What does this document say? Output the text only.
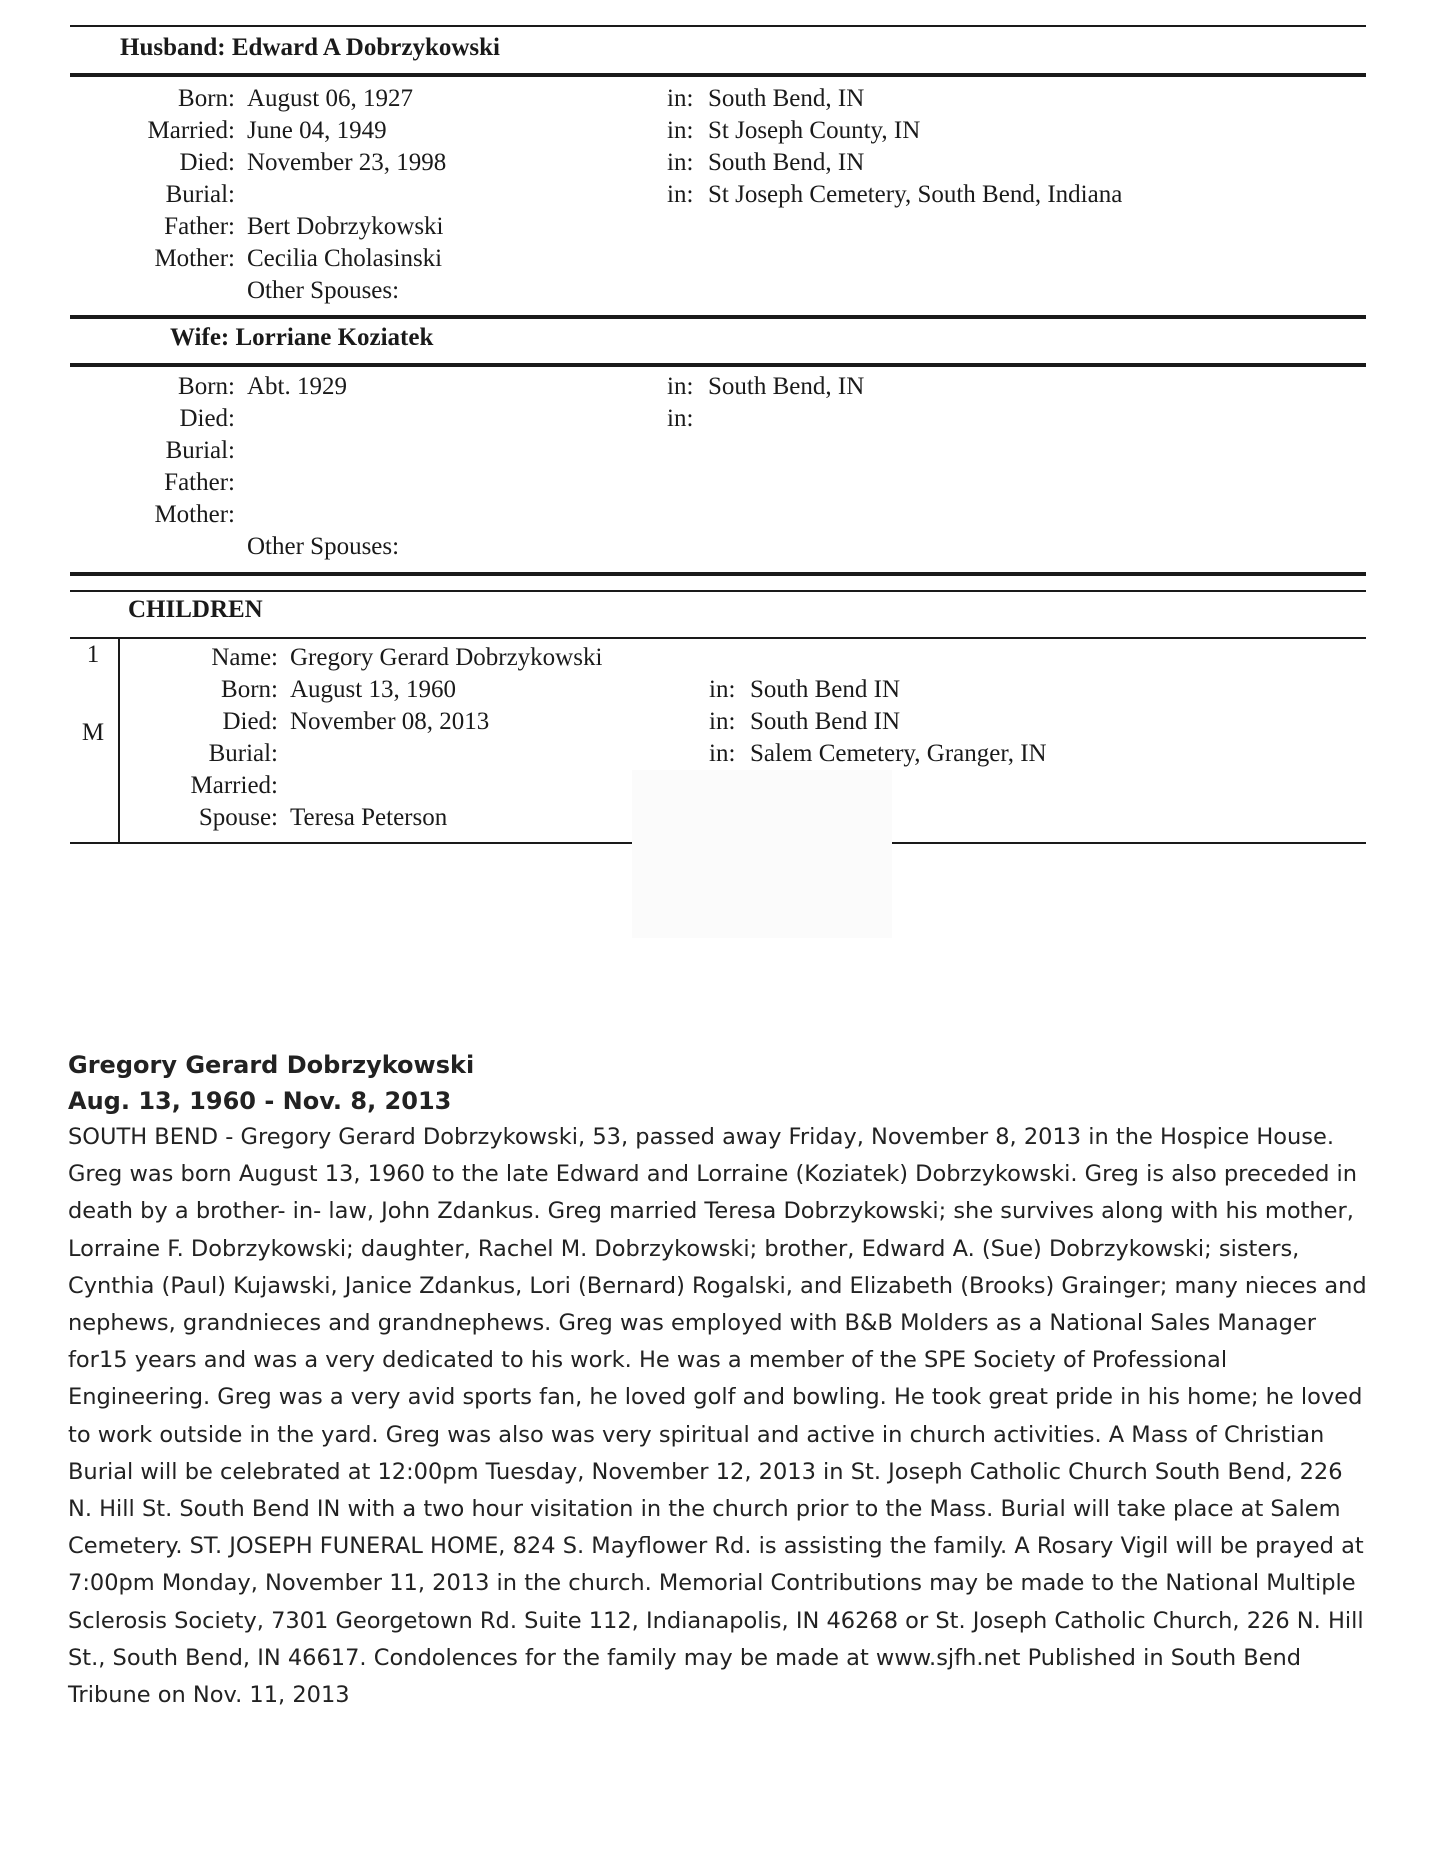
Husband: Edward A Dobrzykowski
Born: August 06, 1927	in: South Bend, IN
Married: June 04, 1949	in: St Joseph County, IN
Died: November 23, 1998	in: South Bend, IN
Burial:	in: St Joseph Cemetery, South Bend, Indiana
Father: Bert Dobrzykowski
Mother: Cecilia Cholasinski
Other Spouses:
Wife: Lorriane Koziatek
Born: Abt. 1929	in: South Bend, IN
Died:	in:
Burial:
Father:
Mother:
Other Spouses:
CHILDREN
1
M
Name: Gregory Gerard Dobrzykowski
Born: August 13, 1960	in: South Bend IN
Died: November 08, 2013	in: South Bend IN
Burial:	in: Salem Cemetery, Granger, IN
Married:
Spouse: Teresa Peterson
Gregory Gerard Dobrzykowski
Aug. 13, 1960 - Nov. 8, 2013
SOUTH BEND - Gregory Gerard Dobrzykowski, 53, passed away Friday, November 8, 2013 in the Hospice House. Greg was born August 13, 1960 to the late Edward and Lorraine (Koziatek) Dobrzykowski. Greg is also preceded in death by a brother- in- law, John Zdankus. Greg married Teresa Dobrzykowski; she survives along with his mother, Lorraine F. Dobrzykowski; daughter, Rachel M. Dobrzykowski; brother, Edward A. (Sue) Dobrzykowski; sisters, Cynthia (Paul) Kujawski, Janice Zdankus, Lori (Bernard) Rogalski, and Elizabeth (Brooks) Grainger; many nieces and nephews, grandnieces and grandnephews. Greg was employed with B&B Molders as a National Sales Manager for15 years and was a very dedicated to his work. He was a member of the SPE Society of Professional Engineering. Greg was a very avid sports fan, he loved golf and bowling. He took great pride in his home; he loved to work outside in the yard. Greg was also was very spiritual and active in church activities. A Mass of Christian Burial will be celebrated at 12:00pm Tuesday, November 12, 2013 in St. Joseph Catholic Church South Bend, 226 N. Hill St. South Bend IN with a two hour visitation in the church prior to the Mass. Burial will take place at Salem Cemetery. ST. JOSEPH FUNERAL HOME, 824 S. Mayflower Rd. is assisting the family. A Rosary Vigil will be prayed at 7:00pm Monday, November 11, 2013 in the church. Memorial Contributions may be made to the National Multiple Sclerosis Society, 7301 Georgetown Rd. Suite 112, Indianapolis, IN 46268 or St. Joseph Catholic Church, 226 N. Hill St., South Bend, IN 46617. Condolences for the family may be made at www.sjfh.net Published in South Bend Tribune on Nov. 11, 2013
